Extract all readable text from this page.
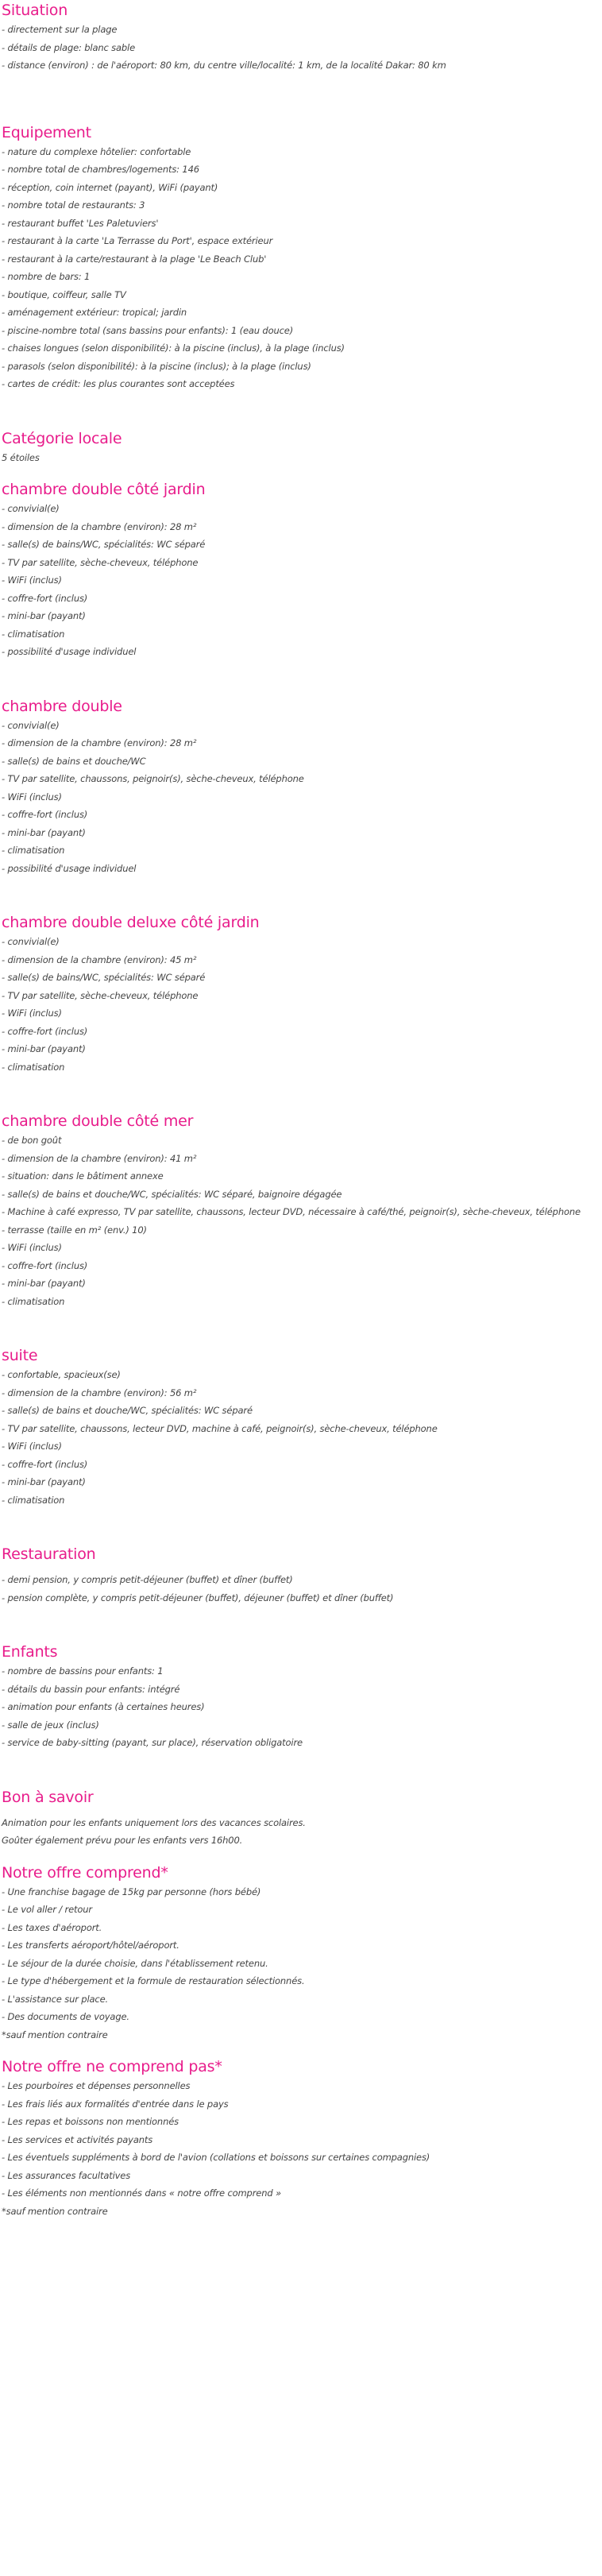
Situation
- directement sur la plage
- détails de plage: blanc sable
- distance (environ) : de l'aéroport: 80 km, du centre ville/localité: 1 km, de la localité Dakar: 80 km
Equipement
- nature du complexe hôtelier: confortable
- nombre total de chambres/logements: 146
- réception, coin internet (payant), WiFi (payant)
- nombre total de restaurants: 3
- restaurant buffet 'Les Paletuviers'
- restaurant à la carte 'La Terrasse du Port', espace extérieur
- restaurant à la carte/restaurant à la plage 'Le Beach Club'
- nombre de bars: 1
- boutique, coiffeur, salle TV
- aménagement extérieur: tropical; jardin
- piscine-nombre total (sans bassins pour enfants): 1 (eau douce)
- chaises longues (selon disponibilité): à la piscine (inclus), à la plage (inclus)
- parasols (selon disponibilité): à la piscine (inclus); à la plage (inclus)
- cartes de crédit: les plus courantes sont acceptées
Catégorie locale

5 étoiles

chambre double côté jardin
- convivial(e)
- dimension de la chambre (environ): 28 m²
- salle(s) de bains/WC, spécialités: WC séparé
- TV par satellite, sèche-cheveux, téléphone
- WiFi (inclus)
- coffre-fort (inclus)
- mini-bar (payant)
- climatisation
- possibilité d'usage individuel
chambre double
- convivial(e)
- dimension de la chambre (environ): 28 m²
- salle(s) de bains et douche/WC
- TV par satellite, chaussons, peignoir(s), sèche-cheveux, téléphone
- WiFi (inclus)
- coffre-fort (inclus)
- mini-bar (payant)
- climatisation
- possibilité d'usage individuel
chambre double deluxe côté jardin
- convivial(e)
- dimension de la chambre (environ): 45 m²
- salle(s) de bains/WC, spécialités: WC séparé
- TV par satellite, sèche-cheveux, téléphone
- WiFi (inclus)
- coffre-fort (inclus)
- mini-bar (payant)
- climatisation
chambre double côté mer
- de bon goût
- dimension de la chambre (environ): 41 m²
- situation: dans le bâtiment annexe
- salle(s) de bains et douche/WC, spécialités: WC séparé, baignoire dégagée
- Machine à café expresso, TV par satellite, chaussons, lecteur DVD, nécessaire à café/thé, peignoir(s), sèche-cheveux, téléphone
- terrasse (taille en m² (env.) 10)
- WiFi (inclus)
- coffre-fort (inclus)
- mini-bar (payant)
- climatisation
suite
- confortable, spacieux(se)
- dimension de la chambre (environ): 56 m²
- salle(s) de bains et douche/WC, spécialités: WC séparé
- TV par satellite, chaussons, lecteur DVD, machine à café, peignoir(s), sèche-cheveux, téléphone
- WiFi (inclus)
- coffre-fort (inclus)
- mini-bar (payant)
- climatisation
Restauration
- demi pension, y compris petit-déjeuner (buffet) et dîner (buffet)
- pension complète, y compris petit-déjeuner (buffet), déjeuner (buffet) et dîner (buffet)
Enfants
- nombre de bassins pour enfants: 1
- détails du bassin pour enfants: intégré
- animation pour enfants (à certaines heures)
- salle de jeux (inclus)
- service de baby-sitting (payant, sur place), réservation obligatoire
Bon à savoir
Animation pour les enfants uniquement lors des vacances scolaires.
Goûter également prévu pour les enfants vers 16h00.
Notre offre comprend*
- Une franchise bagage de 15kg par personne (hors bébé)
- Le vol aller / retour
- Les taxes d'aéroport.
- Les transferts aéroport/hôtel/aéroport.
- Le séjour de la durée choisie, dans l'établissement retenu.
- Le type d'hébergement et la formule de restauration sélectionnés.
- L'assistance sur place.
- Des documents de voyage.
*sauf mention contraire
Notre offre ne comprend pas*
- Les pourboires et dépenses personnelles
- Les frais liés aux formalités d'entrée dans le pays
- Les repas et boissons non mentionnés
- Les services et activités payants
- Les éventuels suppléments à bord de l'avion (collations et boissons sur certaines compagnies)
- Les assurances facultatives
- Les éléments non mentionnés dans « notre offre comprend »
*sauf mention contraire
